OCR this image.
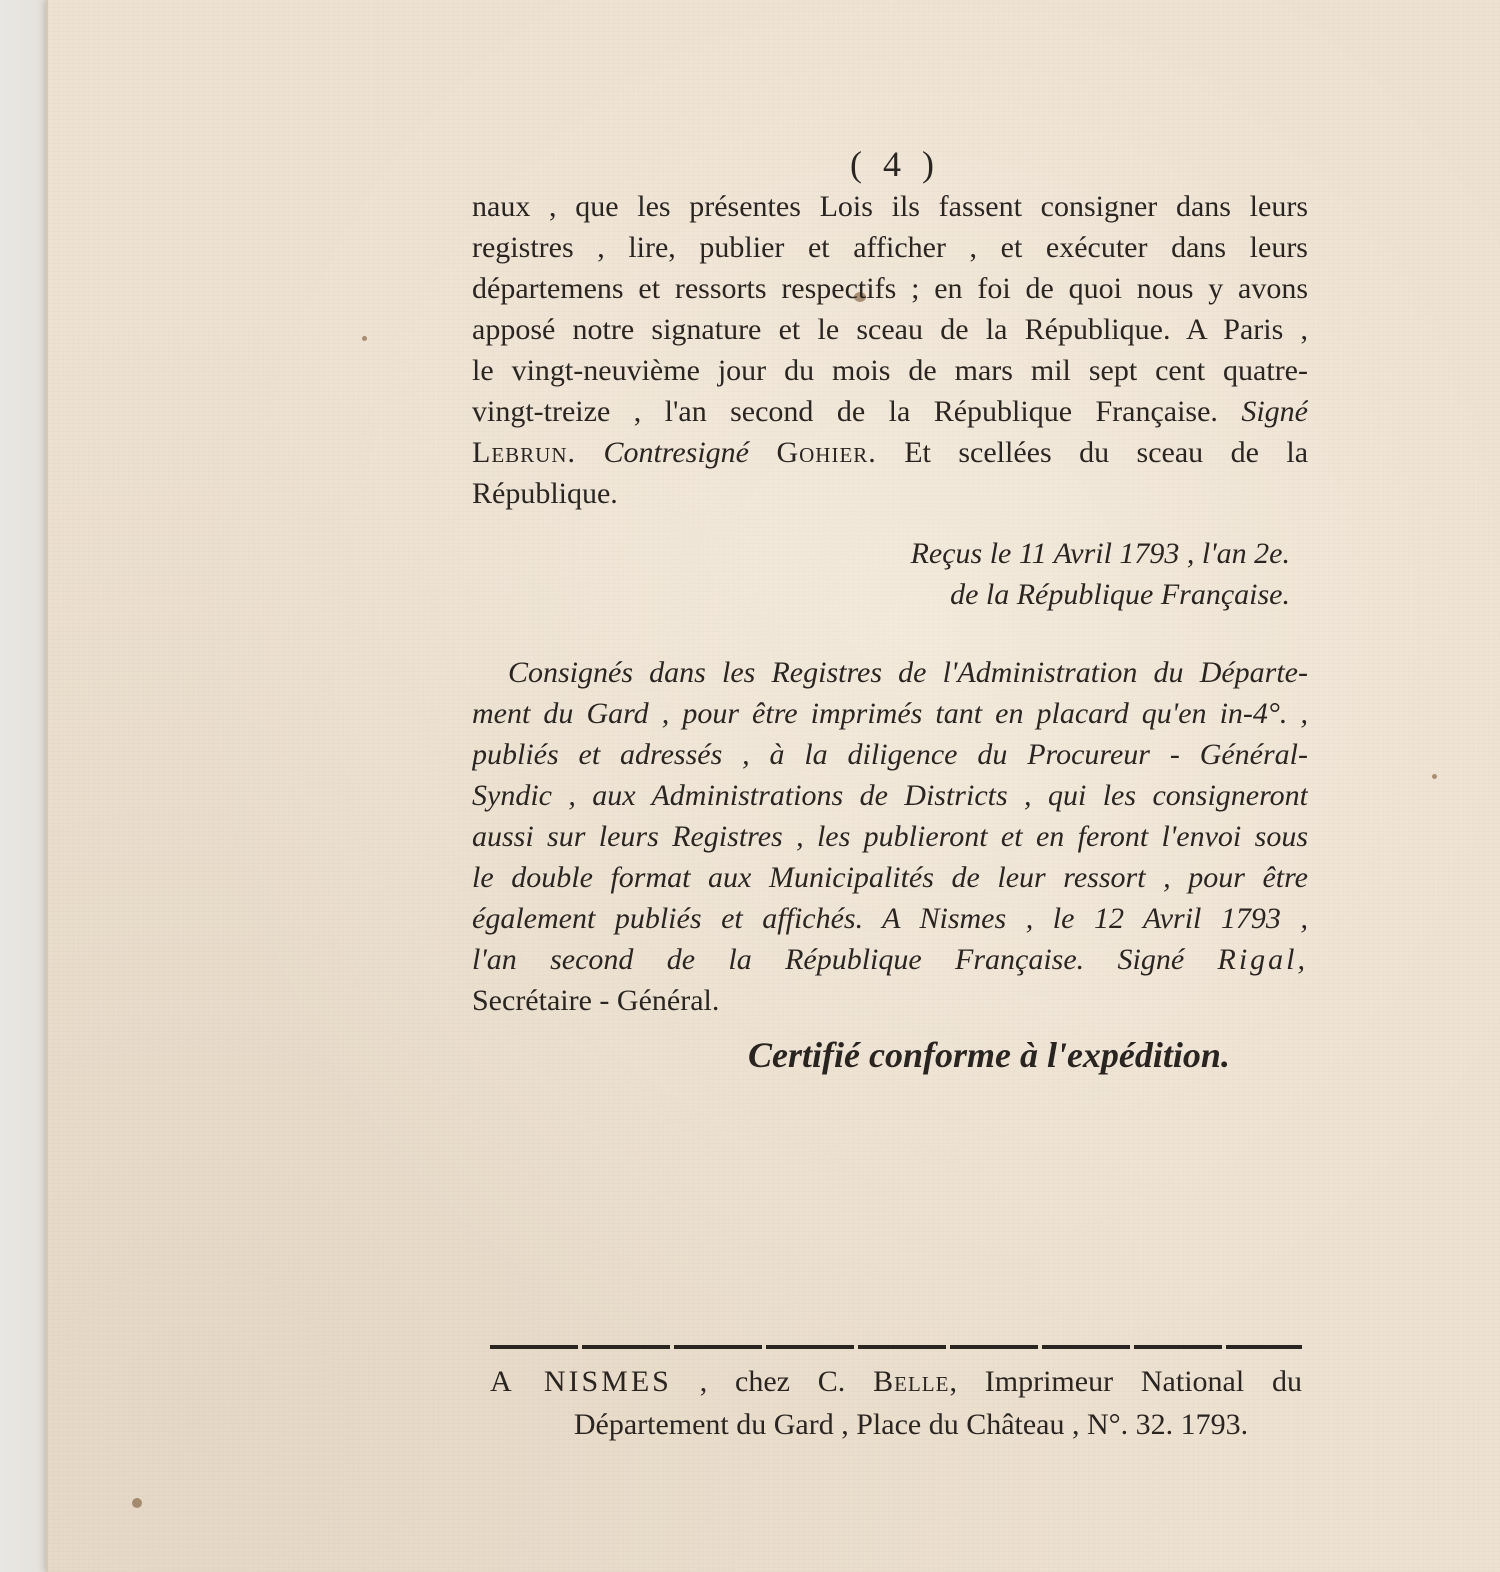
( 4 )
naux , que les présentes Lois ils fassent consigner dans leurs
registres , lire, publier et afficher , et exécuter dans leurs
départemens et ressorts respectifs ; en foi de quoi nous y avons
apposé notre signature et le sceau de la République. A Paris ,
le vingt-neuvième jour du mois de mars mil sept cent quatre-
vingt-treize , l'an second de la République Française. Signé
Lebrun. Contresigné Gohier. Et scellées du sceau de la
République.
Reçus le 11 Avril 1793 , l'an 2e.
de la République Française.
Consignés dans les Registres de l'Administration du Départe-
ment du Gard , pour être imprimés tant en placard qu'en in-4°. ,
publiés et adressés , à la diligence du Procureur - Général-
Syndic , aux Administrations de Districts , qui les consigneront
aussi sur leurs Registres , les publieront et en feront l'envoi sous
le double format aux Municipalités de leur ressort , pour être
également publiés et affichés. A Nismes , le 12 Avril 1793 ,
l'an second de la République Française. Signé Rigal,
Secrétaire - Général.
Certifié conforme à l'expédition.
A NISMES , chez C. Belle, Imprimeur National du
Département du Gard , Place du Château , N°. 32. 1793.
